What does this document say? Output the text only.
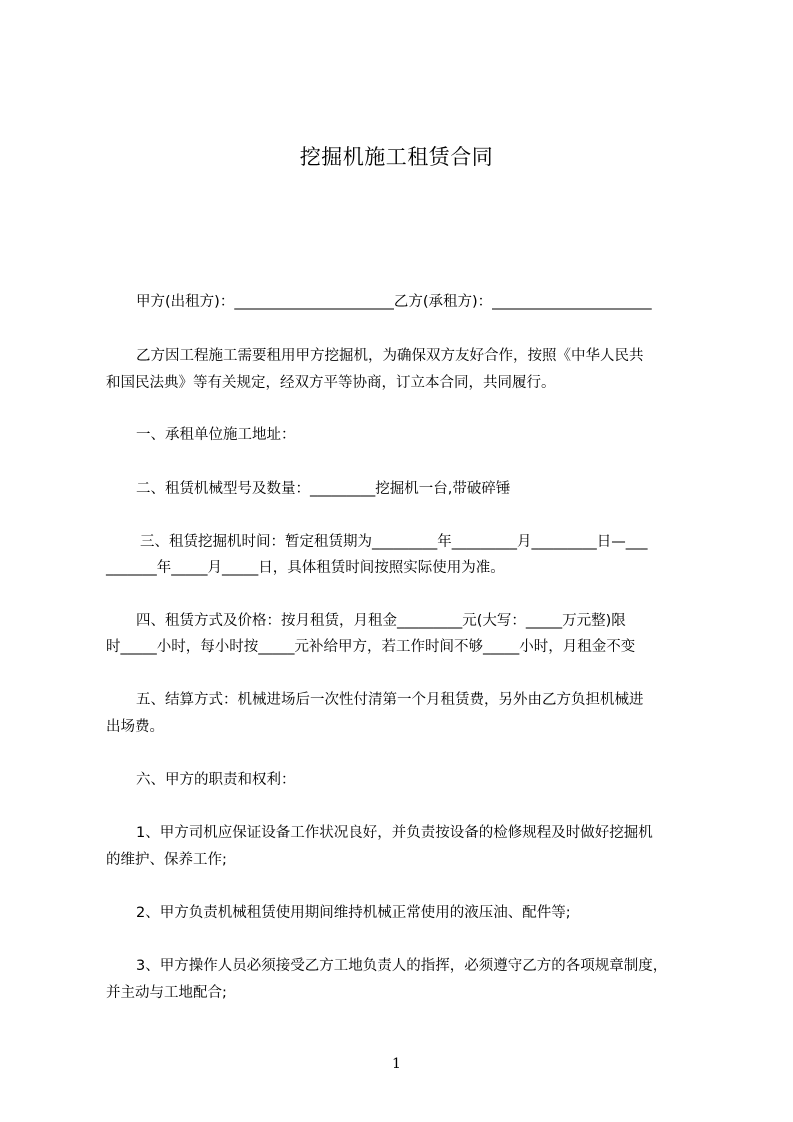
挖掘机施工租赁合同
甲方(出租方)：______________________乙方(承租方)：______________________
乙方因工程施工需要租用甲方挖掘机，为确保双方友好合作，按照《中华人民共
和国民法典》等有关规定，经双方平等协商，订立本合同，共同履行。
一、承租单位施工地址：
二、租赁机械型号及数量：_________挖掘机一台,带破碎锤
三、租赁挖掘机时间：暂定租赁期为_________年_________月_________日—___
_______年_____月_____日，具体租赁时间按照实际使用为准。
四、租赁方式及价格：按月租赁，月租金_________元(大写：_____万元整)限
时_____小时，每小时按_____元补给甲方，若工作时间不够_____小时，月租金不变
五、结算方式：机械进场后一次性付清第一个月租赁费，另外由乙方负担机械进
出场费。
六、甲方的职责和权利：
1、甲方司机应保证设备工作状况良好，并负责按设备的检修规程及时做好挖掘机
的维护、保养工作;
2、甲方负责机械租赁使用期间维持机械正常使用的液压油、配件等;
3、甲方操作人员必须接受乙方工地负责人的指挥，必须遵守乙方的各项规章制度，
并主动与工地配合;
1
